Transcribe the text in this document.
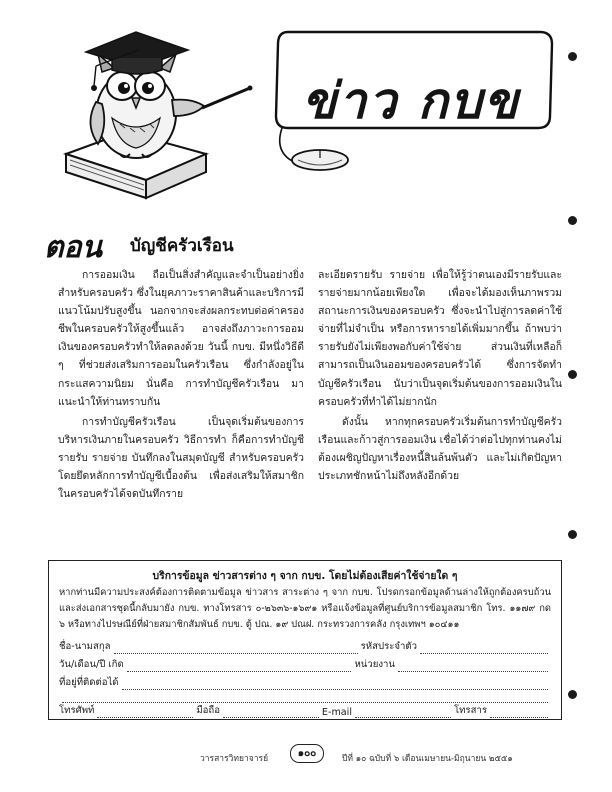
ข่าว กบข
ตอน บัญชีครัวเรือน

การออมเงิน ถือเป็นสิ่งสำคัญและจำเป็นอย่างยิ่งสำหรับครอบครัว ซึ่งในยุคภาวะราคาสินค้าและบริการมีแนวโน้มปรับสูงขึ้น นอกจากจะส่งผลกระทบต่อค่าครองชีพในครอบครัวให้สูงขึ้นแล้ว อาจส่งถึงภาวะการออมเงินของครอบครัวทำให้ลดลงด้วย วันนี้ กบข. มีหนึ่งวิธีดี ๆ ที่ช่วยส่งเสริมการออมในครัวเรือน ซึ่งกำลังอยู่ในกระแสความนิยม นั่นคือ การทำบัญชีครัวเรือน มาแนะนำให้ท่านทราบกัน

การทำบัญชีครัวเรือน เป็นจุดเริ่มต้นของการบริหารเงินภายในครอบครัว วิธีการทำ ก็คือการทำบัญชีรายรับ รายจ่าย บันทึกลงในสมุดบัญชี สำหรับครอบครัว โดยยึดหลักการทำบัญชีเบื้องต้น เพื่อส่งเสริมให้สมาชิกในครอบครัวได้จดบันทึกราย

ละเอียดรายรับ รายจ่าย เพื่อให้รู้ว่าตนเองมีรายรับและรายจ่ายมากน้อยเพียงใด เพื่อจะได้มองเห็นภาพรวมสถานะการเงินของครอบครัว ซึ่งจะนำไปสู่การลดค่าใช้จ่ายที่ไม่จำเป็น หรือการหารายได้เพิ่มมากขึ้น ถ้าพบว่ารายรับยังไม่เพียงพอกับค่าใช้จ่าย ส่วนเงินที่เหลือก็สามารถเป็นเงินออมของครอบครัวได้ ซึ่งการจัดทำบัญชีครัวเรือน นับว่าเป็นจุดเริ่มต้นของการออมเงินในครอบครัวที่ทำได้ไม่ยากนัก

ดังนั้น หากทุกครอบครัวเริ่มต้นการทำบัญชีครัวเรือนและก้าวสู่การออมเงิน เชื่อได้ว่าต่อไปทุกท่านคงไม่ต้องเผชิญปัญหาเรื่องหนี้สินล้นพ้นตัว และไม่เกิดปัญหาประเภทชักหน้าไม่ถึงหลังอีกด้วย

บริการข้อมูล ข่าวสารต่าง ๆ จาก กบข. โดยไม่ต้องเสียค่าใช้จ่ายใด ๆ
หากท่านมีความประสงค์ต้องการติดตามข้อมูล ข่าวสาร สาระต่าง ๆ จาก กบข. โปรดกรอกข้อมูลด้านล่างให้ถูกต้องครบถ้วน และส่งเอกสารชุดนี้กลับมายัง กบข. ทางโทรสาร ๐-๒๖๓๖-๑๖๙๑ หรือแจ้งข้อมูลที่ศูนย์บริการข้อมูลสมาชิก โทร. ๑๑๗๙ กด ๖ หรือทางไปรษณีย์ที่ฝ่ายสมาชิกสัมพันธ์ กบข. ตู้ ปณ. ๑๙ ปณฝ. กระทรวงการคลัง กรุงเทพฯ ๑๐๔๑๑
ชื่อ-นามสกุล	รหัสประจำตัว
วัน/เดือน/ปี เกิด	หน่วยงาน
ที่อยู่ที่ติดต่อได้
โทรศัพท์	มือถือ	E-mail	โทรสาร
วารสารวิทยาจารย์	๑๐๐	ปีที่ ๑๐ ฉบับที่ ๖ เดือนเมษายน-มิถุนายน ๒๕๕๑
